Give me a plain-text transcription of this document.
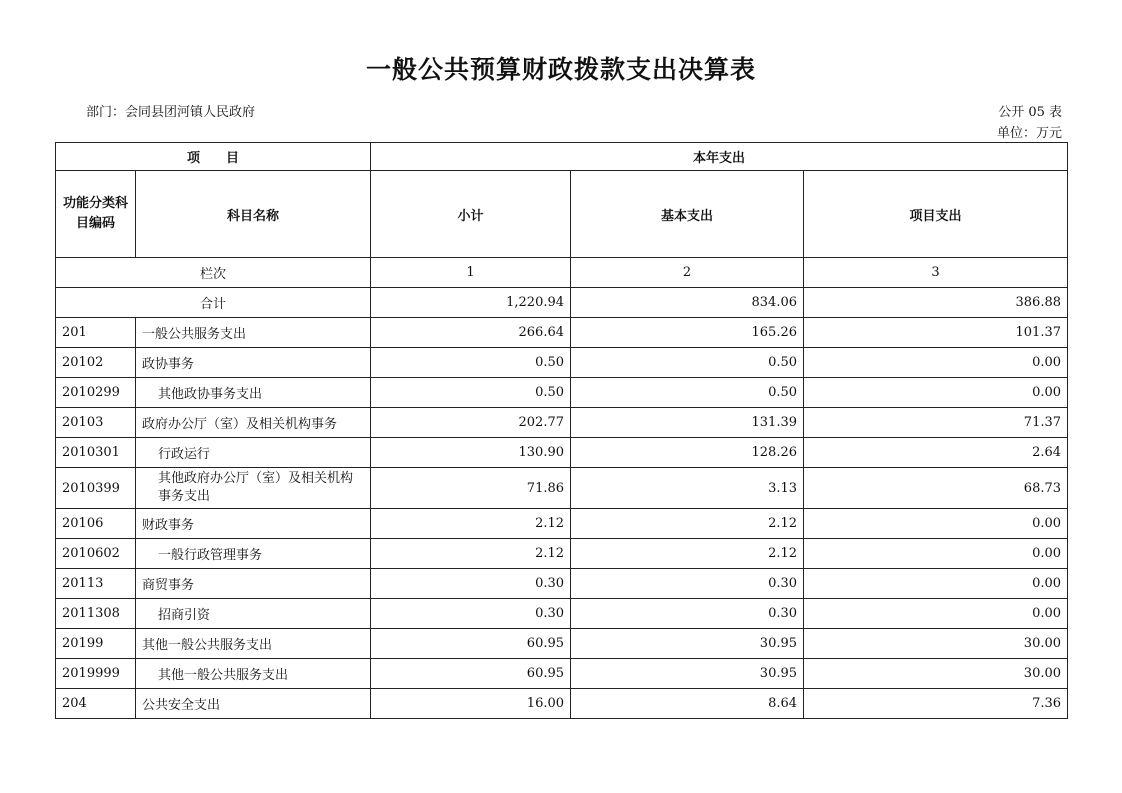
一般公共预算财政拨款支出决算表
部门：会同县团河镇人民政府	公开 05 表
单位：万元
项　　目		本年支出		
功能分类科目编码	科目名称	小计	基本支出	项目支出
栏次		1	2	3
合计		1,220.94	834.06	386.88
201	一般公共服务支出	266.64	165.26	101.37
20102	政协事务	0.50	0.50	0.00
2010299	其他政协事务支出	0.50	0.50	0.00
20103	政府办公厅（室）及相关机构事务	202.77	131.39	71.37
2010301	行政运行	130.90	128.26	2.64
2010399	其他政府办公厅（室）及相关机构事务支出	71.86	3.13	68.73
20106	财政事务	2.12	2.12	0.00
2010602	一般行政管理事务	2.12	2.12	0.00
20113	商贸事务	0.30	0.30	0.00
2011308	招商引资	0.30	0.30	0.00
20199	其他一般公共服务支出	60.95	30.95	30.00
2019999	其他一般公共服务支出	60.95	30.95	30.00
204	公共安全支出	16.00	8.64	7.36
